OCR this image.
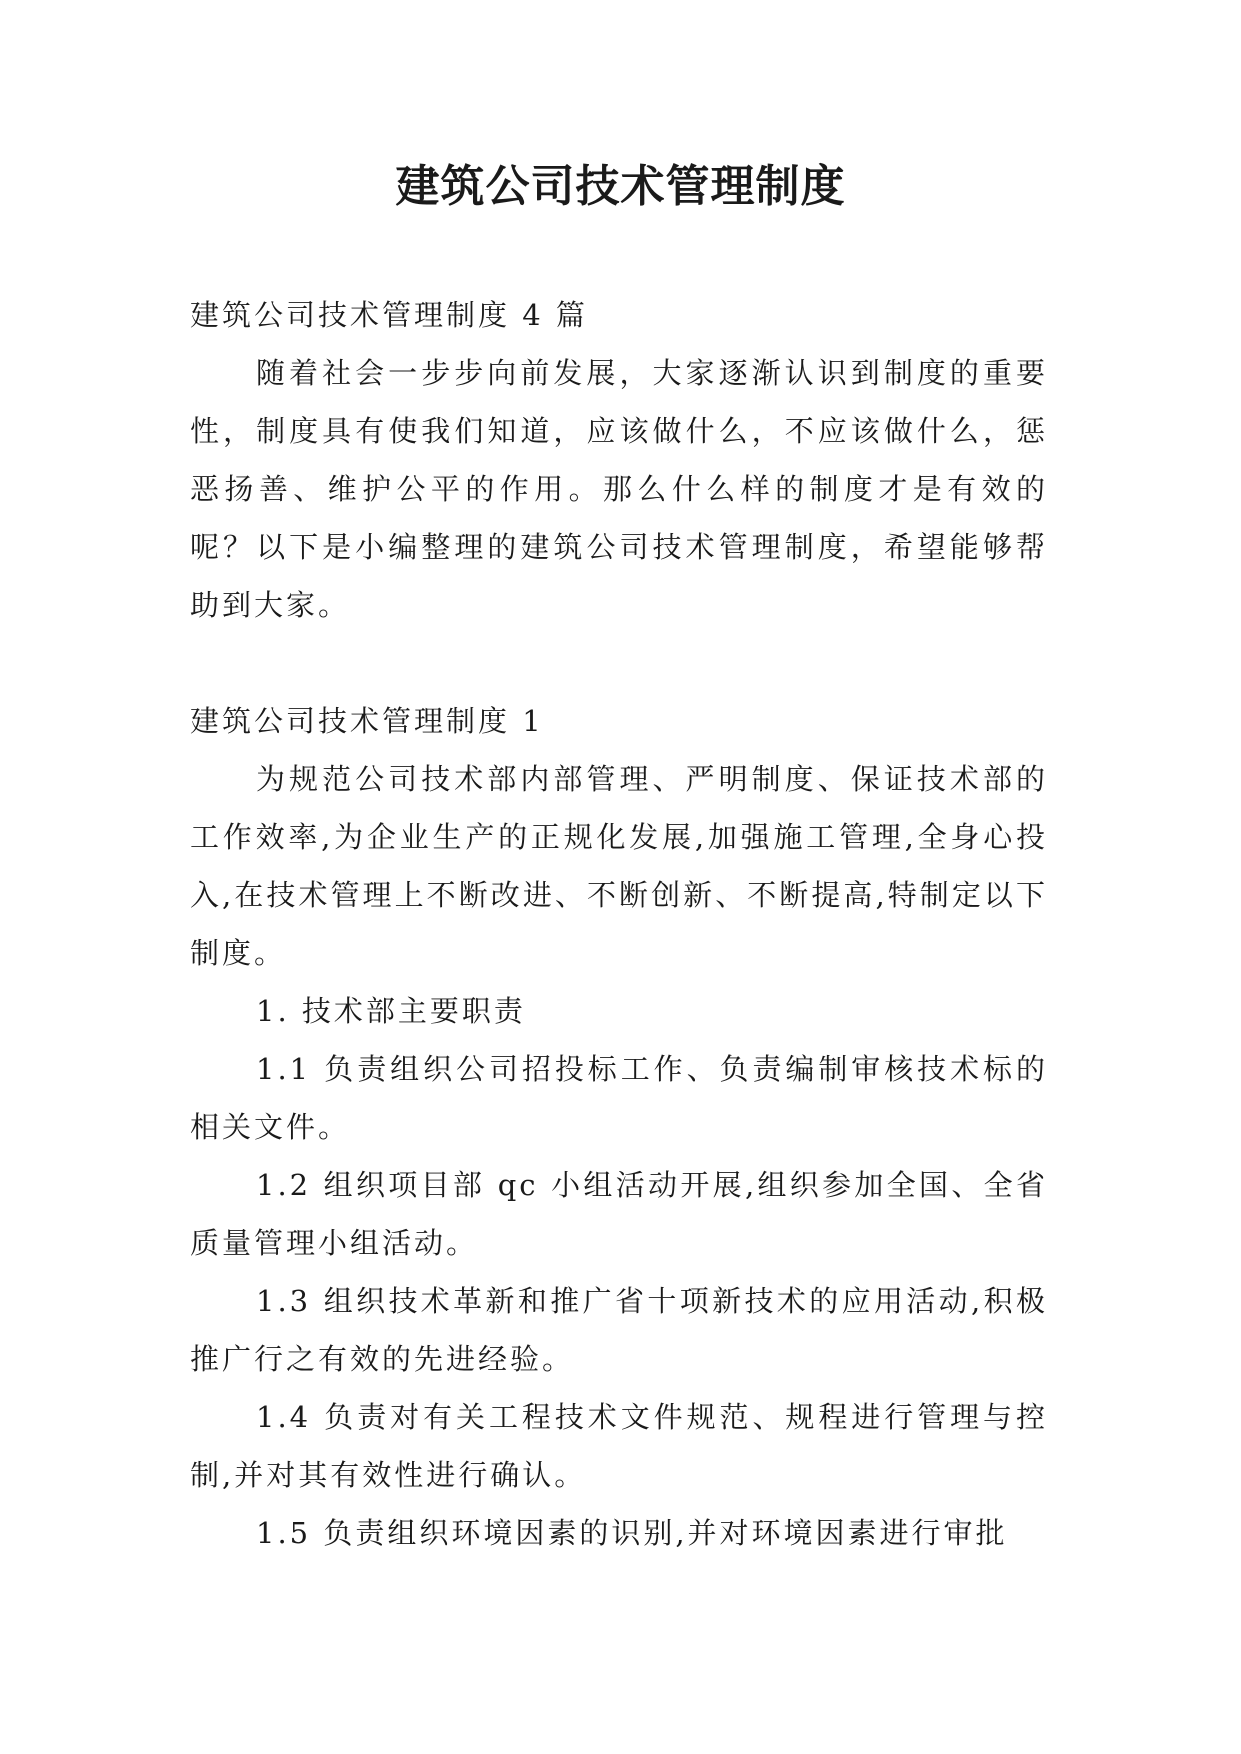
建筑公司技术管理制度

建筑公司技术管理制度 4 篇

随着社会一步步向前发展，大家逐渐认识到制度的重要性，制度具有使我们知道，应该做什么，不应该做什么，惩恶扬善、维护公平的作用。那么什么样的制度才是有效的呢？以下是小编整理的建筑公司技术管理制度，希望能够帮助到大家。

建筑公司技术管理制度 1

为规范公司技术部内部管理、严明制度、保证技术部的工作效率,为企业生产的正规化发展,加强施工管理,全身心投入,在技术管理上不断改进、不断创新、不断提高,特制定以下制度。

1. 技术部主要职责

1.1 负责组织公司招投标工作、负责编制审核技术标的相关文件。

1.2 组织项目部 qc 小组活动开展,组织参加全国、全省质量管理小组活动。

1.3 组织技术革新和推广省十项新技术的应用活动,积极推广行之有效的先进经验。

1.4 负责对有关工程技术文件规范、规程进行管理与控制,并对其有效性进行确认。

1.5 负责组织环境因素的识别,并对环境因素进行审批
